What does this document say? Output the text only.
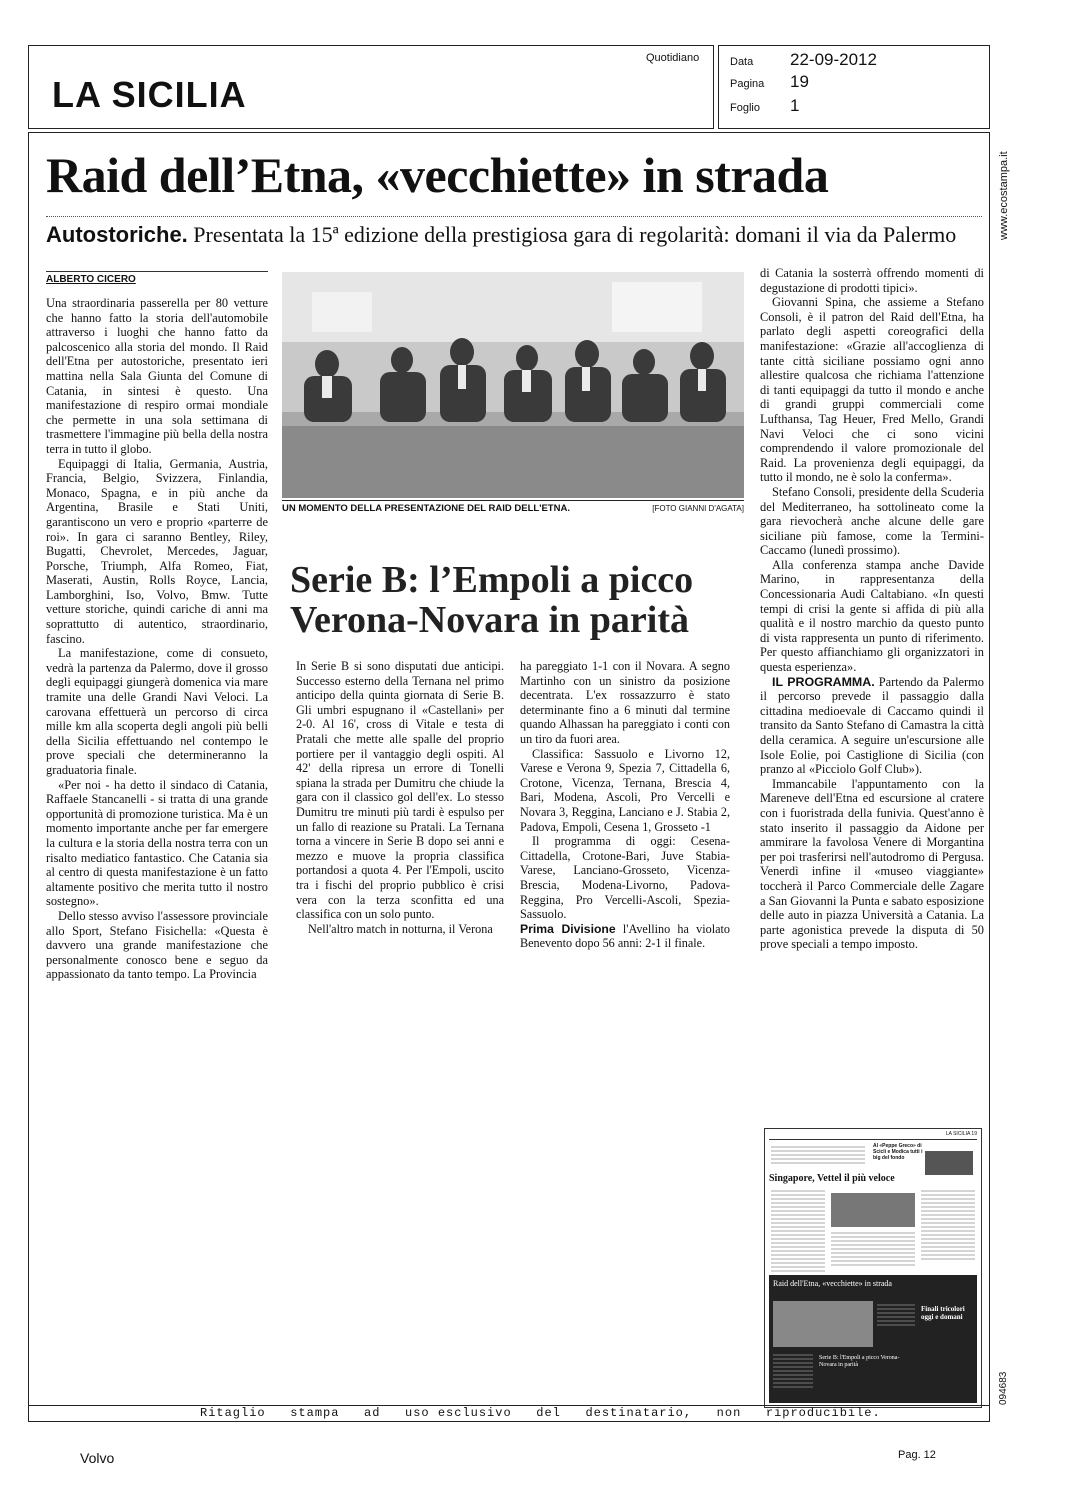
LA SICILIA
Quotidiano	Data 22-09-2012
Pagina 19
Foglio 1
www.ecostampa.it
094683
Raid dell’Etna, «vecchiette» in strada
Autostoriche. Presentata la 15ª edizione della prestigiosa gara di regolarità: domani il via da Palermo
ALBERTO CICERO

Una straordinaria passerella per 80 vetture che hanno fatto la storia dell'automobile attraverso i luoghi che hanno fatto da palcoscenico alla storia del mondo. Il Raid dell'Etna per autostoriche, presentato ieri mattina nella Sala Giunta del Comune di Catania, in sintesi è questo. Una manifestazione di respiro ormai mondiale che permette in una sola settimana di trasmettere l'immagine più bella della nostra terra in tutto il globo.

Equipaggi di Italia, Germania, Austria, Francia, Belgio, Svizzera, Finlandia, Monaco, Spagna, e in più anche da Argentina, Brasile e Stati Uniti, garantiscono un vero e proprio «parterre de roi». In gara ci saranno Bentley, Riley, Bugatti, Chevrolet, Mercedes, Jaguar, Porsche, Triumph, Alfa Romeo, Fiat, Maserati, Austin, Rolls Royce, Lancia, Lamborghini, Iso, Volvo, Bmw. Tutte vetture storiche, quindi cariche di anni ma soprattutto di autentico, straordinario, fascino.

La manifestazione, come di consueto, vedrà la partenza da Palermo, dove il grosso degli equipaggi giungerà domenica via mare tramite una delle Grandi Navi Veloci. La carovana effettuerà un percorso di circa mille km alla scoperta degli angoli più belli della Sicilia effettuando nel contempo le prove speciali che determineranno la graduatoria finale.

«Per noi - ha detto il sindaco di Catania, Raffaele Stancanelli - si tratta di una grande opportunità di promozione turistica. Ma è un momento importante anche per far emergere la cultura e la storia della nostra terra con un risalto mediatico fantastico. Che Catania sia al centro di questa manifestazione è un fatto altamente positivo che merita tutto il nostro sostegno».

Dello stesso avviso l'assessore provinciale allo Sport, Stefano Fisichella: «Questa è davvero una grande manifestazione che personalmente conosco bene e seguo da appassionato da tanto tempo. La Provincia

UN MOMENTO DELLA PRESENTAZIONE DEL RAID DELL'ETNA.	[FOTO GIANNI D'AGATA]
Serie B: l’Empoli a picco
Verona-Novara in parità

In Serie B si sono disputati due anticipi. Successo esterno della Ternana nel primo anticipo della quinta giornata di Serie B. Gli umbri espugnano il «Castellani» per 2-0. Al 16', cross di Vitale e testa di Pratali che mette alle spalle del proprio portiere per il vantaggio degli ospiti. Al 42' della ripresa un errore di Tonelli spiana la strada per Dumitru che chiude la gara con il classico gol dell'ex. Lo stesso Dumitru tre minuti più tardi è espulso per un fallo di reazione su Pratali. La Ternana torna a vincere in Serie B dopo sei anni e mezzo e muove la propria classifica portandosi a quota 4. Per l'Empoli, uscito tra i fischi del proprio pubblico è crisi vera con la terza sconfitta ed una classifica con un solo punto.

Nell'altro match in notturna, il Verona

ha pareggiato 1-1 con il Novara. A segno Martinho con un sinistro da posizione decentrata. L'ex rossazzurro è stato determinante fino a 6 minuti dal termine quando Alhassan ha pareggiato i conti con un tiro da fuori area.

Classifica: Sassuolo e Livorno 12, Varese e Verona 9, Spezia 7, Cittadella 6, Crotone, Vicenza, Ternana, Brescia 4, Bari, Modena, Ascoli, Pro Vercelli e Novara 3, Reggina, Lanciano e J. Stabia 2, Padova, Empoli, Cesena 1, Grosseto -1

Il programma di oggi: Cesena-Cittadella, Crotone-Bari, Juve Stabia-Varese, Lanciano-Grosseto, Vicenza-Brescia, Modena-Livorno, Padova-Reggina, Pro Vercelli-Ascoli, Spezia-Sassuolo.

Prima Divisione l'Avellino ha violato Benevento dopo 56 anni: 2-1 il finale.

di Catania la sosterrà offrendo momenti di degustazione di prodotti tipici».

Giovanni Spina, che assieme a Stefano Consoli, è il patron del Raid dell'Etna, ha parlato degli aspetti coreografici della manifestazione: «Grazie all'accoglienza di tante città siciliane possiamo ogni anno allestire qualcosa che richiama l'attenzione di tanti equipaggi da tutto il mondo e anche di grandi gruppi commerciali come Lufthansa, Tag Heuer, Fred Mello, Grandi Navi Veloci che ci sono vicini comprendendo il valore promozionale del Raid. La provenienza degli equipaggi, da tutto il mondo, ne è solo la conferma».

Stefano Consoli, presidente della Scuderia del Mediterraneo, ha sottolineato come la gara rievocherà anche alcune delle gare siciliane più famose, come la Termini-Caccamo (lunedì prossimo).

Alla conferenza stampa anche Davide Marino, in rappresentanza della Concessionaria Audi Caltabiano. «In questi tempi di crisi la gente si affida di più alla qualità e il nostro marchio da questo punto di vista rappresenta un punto di riferimento. Per questo affianchiamo gli organizzatori in questa esperienza».

IL PROGRAMMA. Partendo da Palermo il percorso prevede il passaggio dalla cittadina medioevale di Caccamo quindi il transito da Santo Stefano di Camastra la città della ceramica. A seguire un'escursione alle Isole Eolie, poi Castiglione di Sicilia (con pranzo al «Picciolo Golf Club»).

Immancabile l'appuntamento con la Mareneve dell'Etna ed escursione al cratere con i fuoristrada della funivia. Quest'anno è stato inserito il passaggio da Aidone per ammirare la favolosa Venere di Morgantina per poi trasferirsi nell'autodromo di Pergusa. Venerdì infine il «museo viaggiante» toccherà il Parco Commerciale delle Zagare a San Giovanni la Punta e sabato esposizione delle auto in piazza Università a Catania. La parte agonistica prevede la disputa di 50 prove speciali a tempo imposto.

LA SICILIA 19
Singapore, Vettel il più veloce
Al «Peppe Greco» di Scicli e Modica tutti i big del fondo
Raid dell'Etna, «vecchiette» in strada
Serie B: l'Empoli a picco Verona-Novara in parità
Finali tricolori oggi e domani
Ritaglio   stampa   ad   uso esclusivo   del   destinatario,   non   riproducibile.
Volvo	Pag. 12
